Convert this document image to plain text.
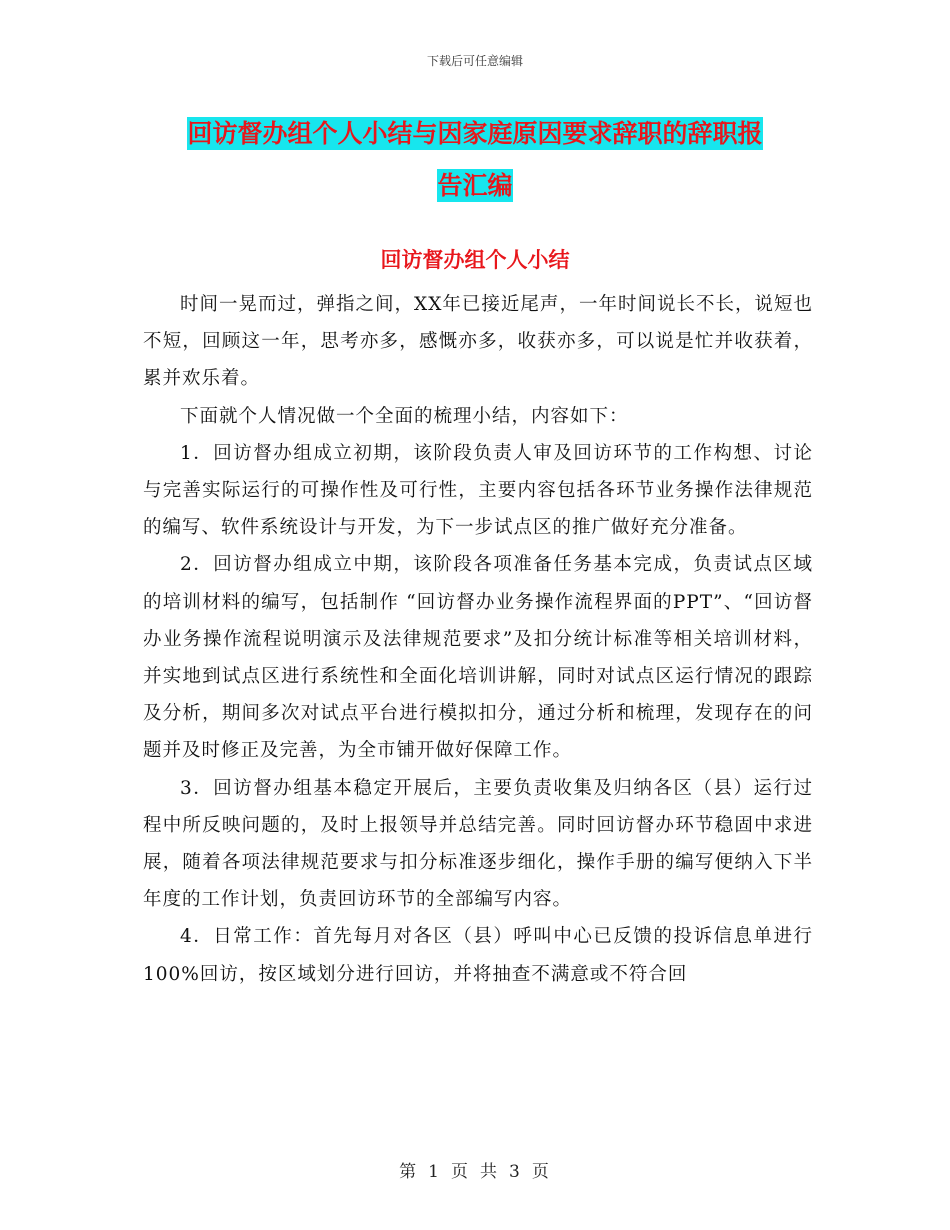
下载后可任意编辑
回访督办组个人小结与因家庭原因要求辞职的辞职报
告汇编
回访督办组个人小结

时间一晃而过，弹指之间，XX年已接近尾声，一年时间说长不长，说短也不短，回顾这一年，思考亦多，感慨亦多，收获亦多，可以说是忙并收获着，累并欢乐着。

下面就个人情况做一个全面的梳理小结，内容如下：

1．回访督办组成立初期，该阶段负责人审及回访环节的工作构想、讨论与完善实际运行的可操作性及可行性，主要内容包括各环节业务操作法律规范的编写、软件系统设计与开发，为下一步试点区的推广做好充分准备。

2．回访督办组成立中期，该阶段各项准备任务基本完成，负责试点区域的培训材料的编写，包括制作 “回访督办业务操作流程界面的PPT”、“回访督办业务操作流程说明演示及法律规范要求”及扣分统计标准等相关培训材料，并实地到试点区进行系统性和全面化培训讲解，同时对试点区运行情况的跟踪及分析，期间多次对试点平台进行模拟扣分，通过分析和梳理，发现存在的问题并及时修正及完善，为全市铺开做好保障工作。

3．回访督办组基本稳定开展后，主要负责收集及归纳各区（县）运行过程中所反映问题的，及时上报领导并总结完善。同时回访督办环节稳固中求进展，随着各项法律规范要求与扣分标准逐步细化，操作手册的编写便纳入下半年度的工作计划，负责回访环节的全部编写内容。

4．日常工作：首先每月对各区（县）呼叫中心已反馈的投诉信息单进行100%回访，按区域划分进行回访，并将抽查不满意或不符合回

第 1 页 共 3 页
